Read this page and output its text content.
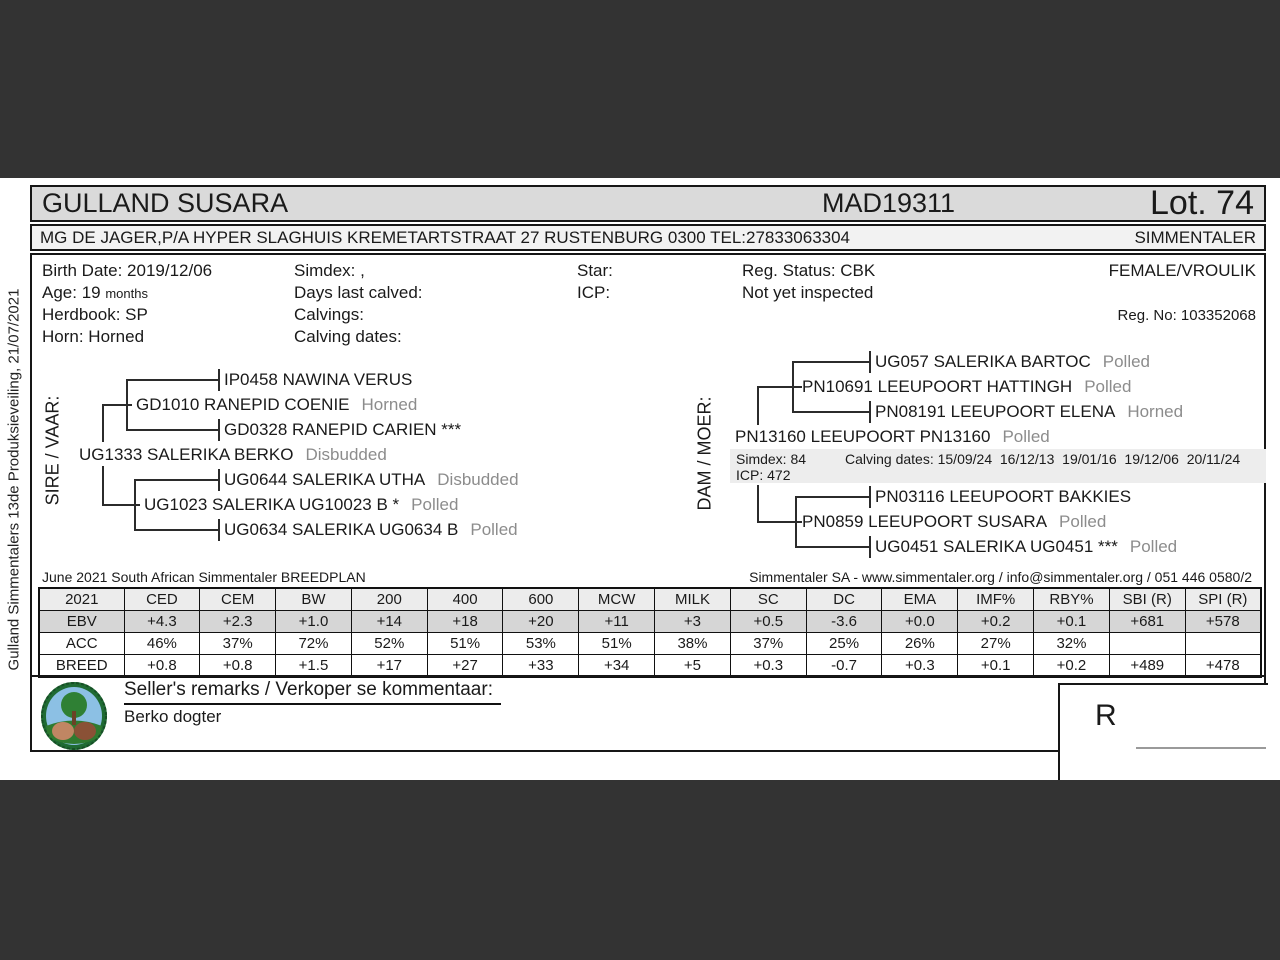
Gulland Simmentalers 13de Produksieveiling, 21/07/2021
GULLAND SUSARA	MAD19311	Lot. 74
MG DE JAGER,P/A HYPER SLAGHUIS KREMETARTSTRAAT 27 RUSTENBURG 0300 TEL:27833063304	SIMMENTALER
Birth Date: 2019/12/06
Age: 19 months
Herdbook: SP
Horn: Horned
Simdex: ,
Days last calved:
Calvings:
Calving dates:
Star:
ICP:
Reg. Status: CBK
Not yet inspected
FEMALE/VROULIK
Reg. No: 103352068
SIRE / VAAR:
IP0458 NAWINA VERUS
GD1010 RANEPID COENIE Horned
GD0328 RANEPID CARIEN ***
UG1333 SALERIKA BERKO Disbudded
UG0644 SALERIKA UTHA Disbudded
UG1023 SALERIKA UG10023 B * Polled
UG0634 SALERIKA UG0634 B Polled
DAM / MOER:
UG057 SALERIKA BARTOC Polled
PN10691 LEEUPOORT HATTINGH Polled
PN08191 LEEUPOORT ELENA Horned
PN13160 LEEUPOORT PN13160 Polled
Simdex: 84	Calving dates: 15/09/24  16/12/13  19/01/16  19/12/06  20/11/24
ICP: 472
PN03116 LEEUPOORT BAKKIES
PN0859 LEEUPOORT SUSARA Polled
UG0451 SALERIKA UG0451 *** Polled
June 2021 South African Simmentaler BREEDPLAN	Simmentaler SA - www.simmentaler.org / info@simmentaler.org / 051 446 0580/2
2021	CED	CEM	BW	200	400	600	MCW	MILK	SC	DC	EMA	IMF%	RBY%	SBI (R)	SPI (R)
EBV	+4.3	+2.3	+1.0	+14	+18	+20	+11	+3	+0.5	-3.6	+0.0	+0.2	+0.1	+681	+578
ACC	46%	37%	72%	52%	51%	53%	51%	38%	37%	25%	26%	27%	32%		
BREED	+0.8	+0.8	+1.5	+17	+27	+33	+34	+5	+0.3	-0.7	+0.3	+0.1	+0.2	+489	+478
Seller's remarks / Verkoper se kommentaar:
Berko dogter	R
